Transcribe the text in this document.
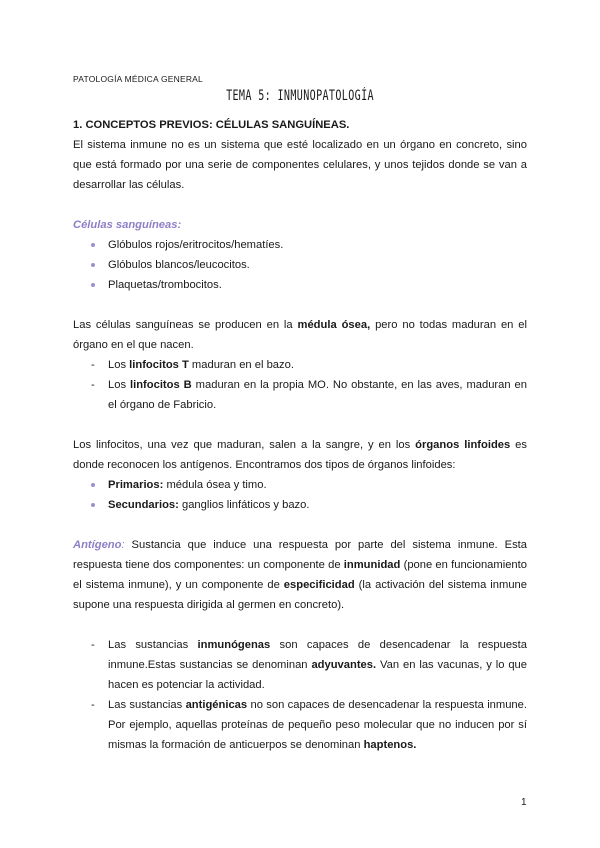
PATOLOGÍA MÉDICA GENERAL
TEMA 5: INMUNOPATOLOGÍA

1. CONCEPTOS PREVIOS: CÉLULAS SANGUÍNEAS.

El sistema inmune no es un sistema que esté localizado en un órgano en concreto, sino que está formado por una serie de componentes celulares, y unos tejidos donde se van a desarrollar las células.

Células sanguíneas:

Glóbulos rojos/eritrocitos/hematíes.
Glóbulos blancos/leucocitos.
Plaquetas/trombocitos.

Las células sanguíneas se producen en la médula ósea, pero no todas maduran en el órgano en el que nacen.

- Los linfocitos T maduran en el bazo.
- Los linfocitos B maduran en la propia MO. No obstante, en las aves, maduran en el órgano de Fabricio.

Los linfocitos, una vez que maduran, salen a la sangre, y en los órganos linfoides es donde reconocen los antígenos. Encontramos dos tipos de órganos linfoides:

Primarios: médula ósea y timo.
Secundarios: ganglios linfáticos y bazo.

Antígeno: Sustancia que induce una respuesta por parte del sistema inmune. Esta respuesta tiene dos componentes: un componente de inmunidad (pone en funcionamiento el sistema inmune), y un componente de especificidad (la activación del sistema inmune supone una respuesta dirigida al germen en concreto).

- Las sustancias inmunógenas son capaces de desencadenar la respuesta inmune.Estas sustancias se denominan adyuvantes. Van en las vacunas, y lo que hacen es potenciar la actividad.
- Las sustancias antigénicas no son capaces de desencadenar la respuesta inmune. Por ejemplo, aquellas proteínas de pequeño peso molecular que no inducen por sí mismas la formación de anticuerpos se denominan haptenos.
1
